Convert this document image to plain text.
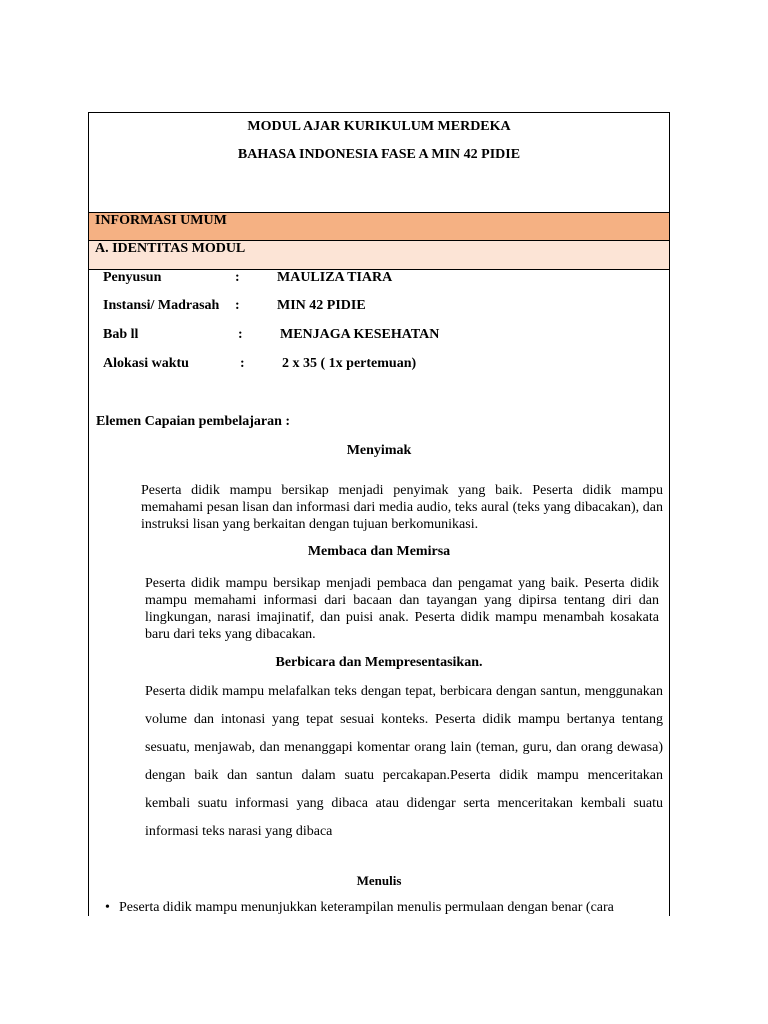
MODUL AJAR KURIKULUM MERDEKA
BAHASA INDONESIA FASE A MIN 42 PIDIE
INFORMASI UMUM
A. IDENTITAS MODUL
Penyusun	:	MAULIZA TIARA
Instansi/ Madrasah :	MIN 42 PIDIE
Bab ll	:	MENJAGA KESEHATAN
Alokasi waktu	:	2 x 35 ( 1x pertemuan)
Elemen Capaian pembelajaran :
Menyimak
Peserta didik mampu bersikap menjadi penyimak yang baik. Peserta didik mampu memahami pesan lisan dan informasi dari media audio, teks aural (teks yang dibacakan), dan instruksi lisan yang berkaitan dengan tujuan berkomunikasi.
Membaca dan Memirsa
Peserta didik mampu bersikap menjadi pembaca dan pengamat yang baik. Peserta didik mampu memahami informasi dari bacaan dan tayangan yang dipirsa tentang diri dan lingkungan, narasi imajinatif, dan puisi anak. Peserta didik mampu menambah kosakata baru dari teks yang dibacakan.
Berbicara dan Mempresentasikan.
Peserta didik mampu melafalkan teks dengan tepat, berbicara dengan santun, menggunakan volume dan intonasi yang tepat sesuai konteks. Peserta didik mampu bertanya tentang sesuatu, menjawab, dan menanggapi komentar orang lain (teman, guru, dan orang dewasa) dengan baik dan santun dalam suatu percakapan.Peserta didik mampu menceritakan kembali suatu informasi yang dibaca atau didengar serta menceritakan kembali suatu informasi teks narasi yang dibaca
Menulis
• Peserta didik mampu menunjukkan keterampilan menulis permulaan dengan benar (cara
